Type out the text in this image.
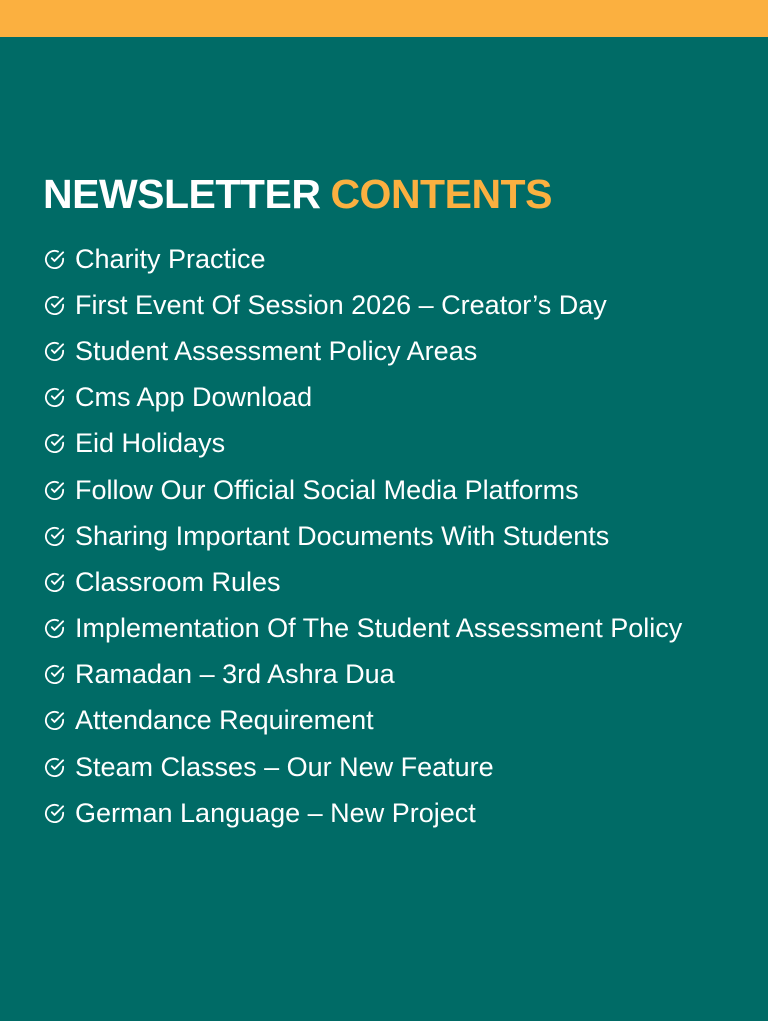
NEWSLETTER CONTENTS
Charity Practice
First Event Of Session 2026 – Creator’s Day
Student Assessment Policy Areas
Cms App Download
Eid Holidays
Follow Our Official Social Media Platforms
Sharing Important Documents With Students
Classroom Rules
Implementation Of The Student Assessment Policy
Ramadan – 3rd Ashra Dua
Attendance Requirement
Steam Classes – Our New Feature
German Language – New Project
